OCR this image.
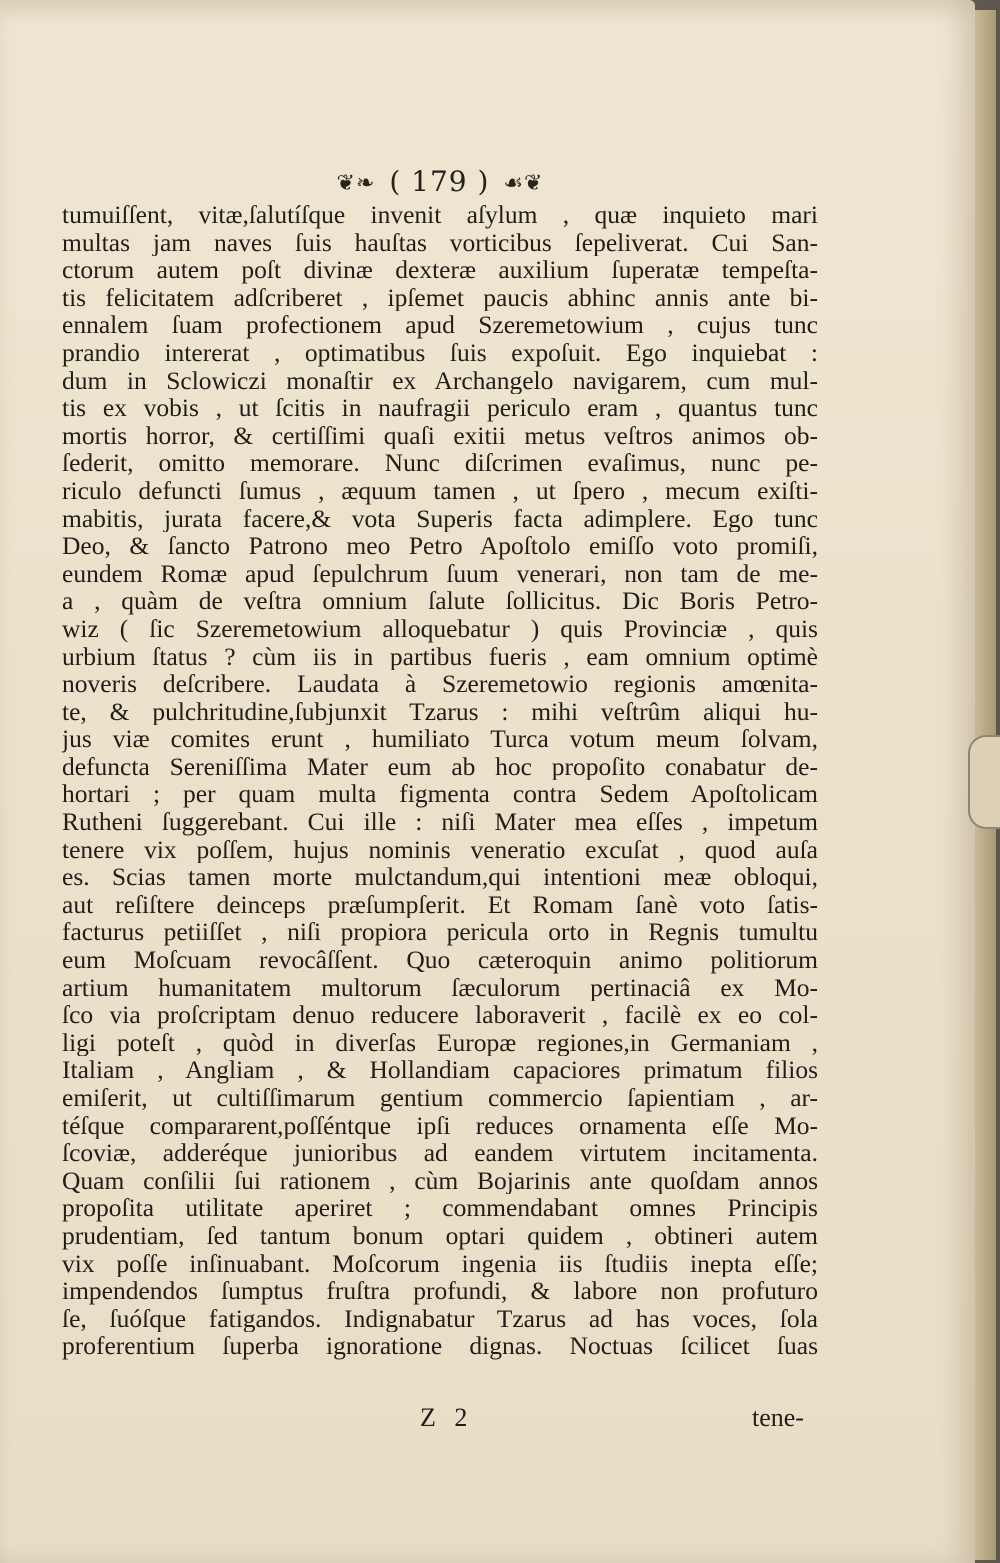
❦❧ ( 179 ) ☙❦
tumuiſſent, vitæ,ſalutíſque invenit aſylum , quæ inquieto mari
multas jam naves ſuis hauſtas vorticibus ſepeliverat. Cui San-
ctorum autem poſt divinæ dexteræ auxilium ſuperatæ tempeſta-
tis felicitatem adſcriberet , ipſemet paucis abhinc annis ante bi-
ennalem ſuam profectionem apud Szeremetowium , cujus tunc
prandio intererat , optimatibus ſuis expoſuit. Ego inquiebat :
dum in Sclowiczi monaſtir ex Archangelo navigarem, cum mul-
tis ex vobis , ut ſcitis in naufragii periculo eram , quantus tunc
mortis horror, & certiſſimi quaſi exitii metus veſtros animos ob-
ſederit, omitto memorare. Nunc diſcrimen evaſimus, nunc pe-
riculo defuncti ſumus , æquum tamen , ut ſpero , mecum exiſti-
mabitis, jurata facere,& vota Superis facta adimplere. Ego tunc
Deo, & ſancto Patrono meo Petro Apoſtolo emiſſo voto promiſi,
eundem Romæ apud ſepulchrum ſuum venerari, non tam de me-
a , quàm de veſtra omnium ſalute ſollicitus. Dic Boris Petro-
wiz ( ſic Szeremetowium alloquebatur ) quis Provinciæ , quis
urbium ſtatus ? cùm iis in partibus fueris , eam omnium optimè
noveris deſcribere. Laudata à Szeremetowio regionis amœnita-
te, & pulchritudine,ſubjunxit Tzarus : mihi veſtrûm aliqui hu-
jus viæ comites erunt , humiliato Turca votum meum ſolvam,
defuncta Sereniſſima Mater eum ab hoc propoſito conabatur de-
hortari ; per quam multa figmenta contra Sedem Apoſtolicam
Rutheni ſuggerebant. Cui ille : niſi Mater mea eſſes , impetum
tenere vix poſſem, hujus nominis veneratio excuſat , quod auſa
es. Scias tamen morte mulctandum,qui intentioni meæ obloqui,
aut reſiſtere deinceps præſumpſerit. Et Romam ſanè voto ſatis-
facturus petiiſſet , niſi propiora pericula orto in Regnis tumultu
eum Moſcuam revocâſſent. Quo cæteroquin animo politiorum
artium humanitatem multorum ſæculorum pertinaciâ ex Mo-
ſco via proſcriptam denuo reducere laboraverit , facilè ex eo col-
ligi poteſt , quòd in diverſas Europæ regiones,in Germaniam ,
Italiam , Angliam , & Hollandiam capaciores primatum filios
emiſerit, ut cultiſſimarum gentium commercio ſapientiam , ar-
téſque compararent,poſſéntque ipſi reduces ornamenta eſſe Mo-
ſcoviæ, adderéque junioribus ad eandem virtutem incitamenta.
Quam conſilii ſui rationem , cùm Bojarinis ante quoſdam annos
propoſita utilitate aperiret ; commendabant omnes Principis
prudentiam, ſed tantum bonum optari quidem , obtineri autem
vix poſſe inſinuabant. Moſcorum ingenia iis ſtudiis inepta eſſe;
impendendos ſumptus fruſtra profundi, & labore non profuturo
ſe, ſuóſque fatigandos. Indignabatur Tzarus ad has voces, ſola
proferentium ſuperba ignoratione dignas. Noctuas ſcilicet ſuas
Z 2	tene-
